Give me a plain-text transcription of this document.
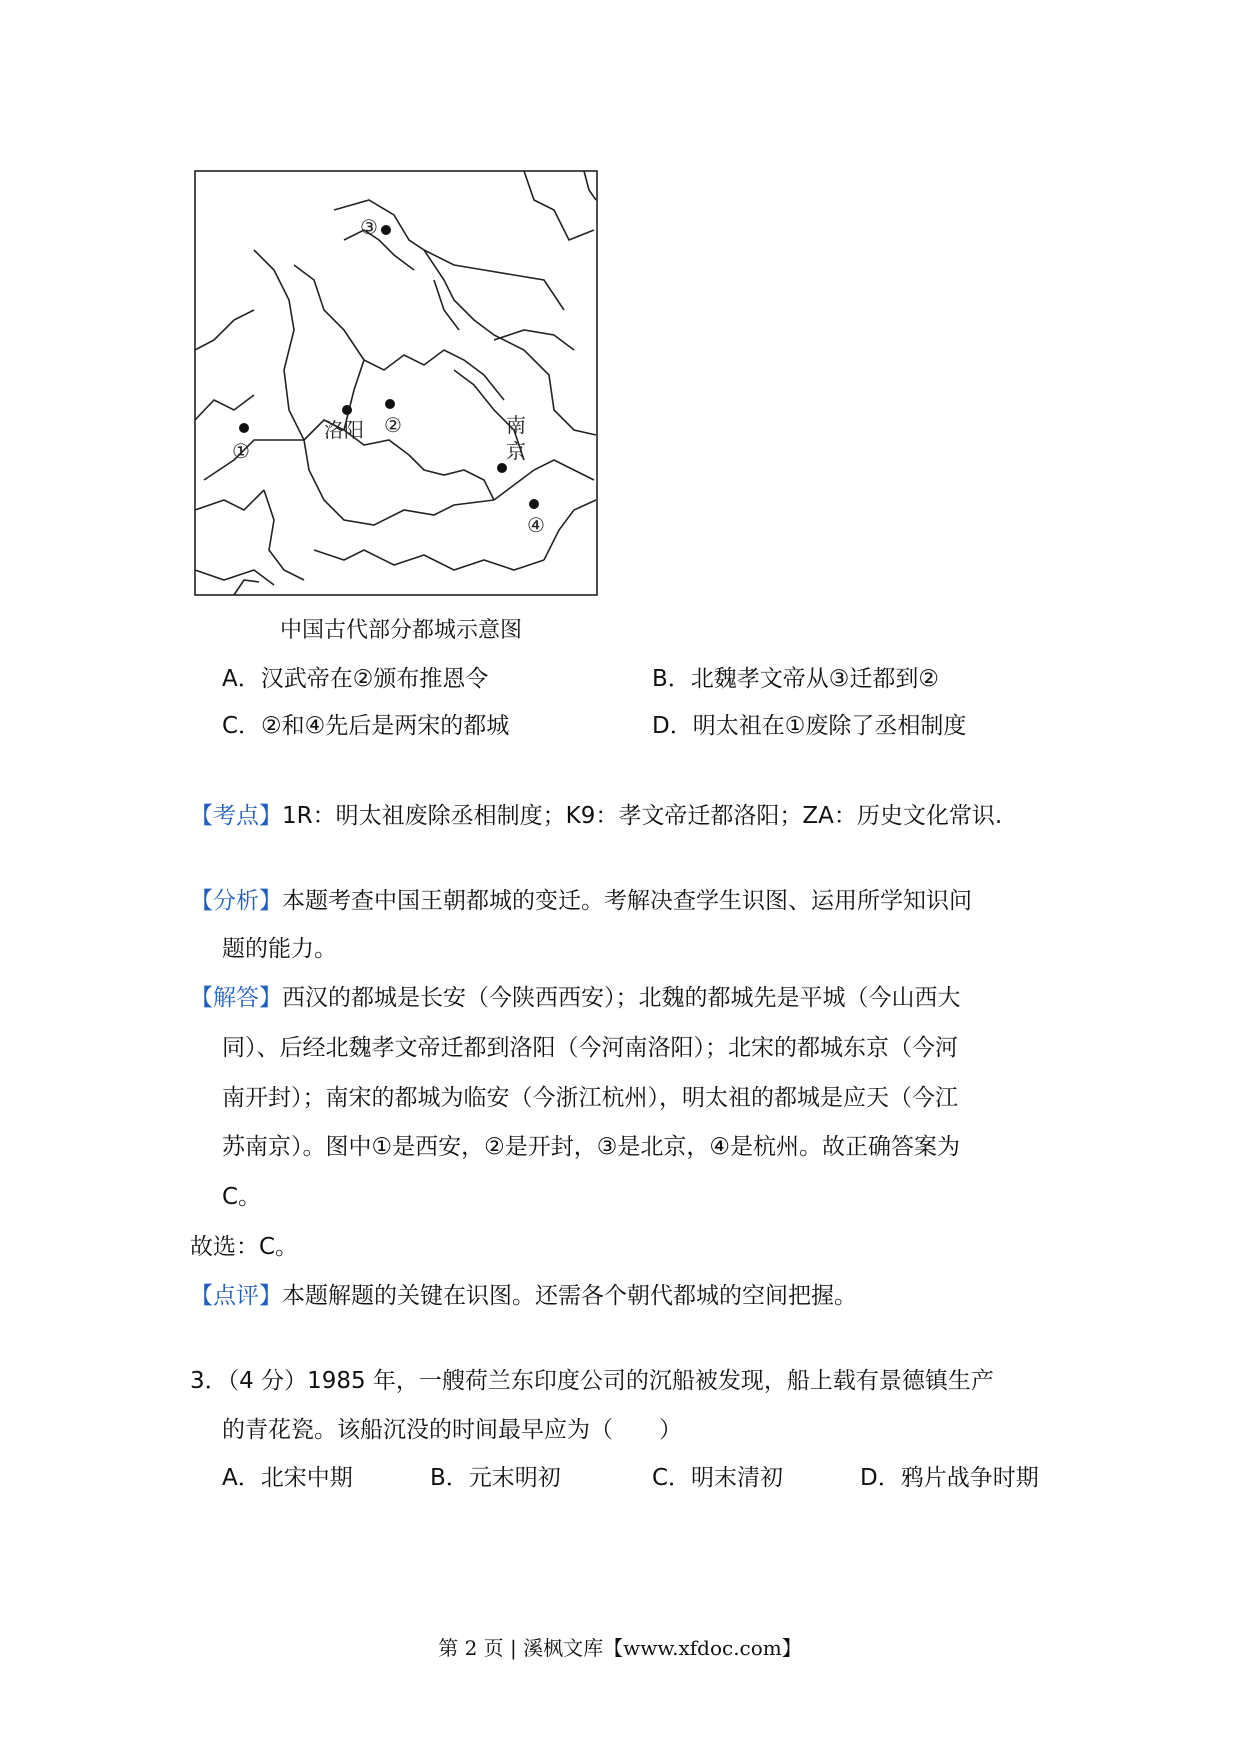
③
①
洛阳 ②	南
京
④
中国古代部分都城示意图
A．汉武帝在②颁布推恩令	B．北魏孝文帝从③迁都到②
C．②和④先后是两宋的都城	D．明太祖在①废除了丞相制度
【考点】1R：明太祖废除丞相制度；K9：孝文帝迁都洛阳；ZA：历史文化常识.
【分析】本题考查中国王朝都城的变迁。考解决查学生识图、运用所学知识问
题的能力。
【解答】西汉的都城是长安（今陕西西安）；北魏的都城先是平城（今山西大
同）、后经北魏孝文帝迁都到洛阳（今河南洛阳）；北宋的都城东京（今河
南开封）；南宋的都城为临安（今浙江杭州），明太祖的都城是应天（今江
苏南京）。图中①是西安，②是开封，③是北京，④是杭州。故正确答案为
C。
故选：C。
【点评】本题解题的关键在识图。还需各个朝代都城的空间把握。
3．（4 分）1985 年，一艘荷兰东印度公司的沉船被发现，船上载有景德镇生产
的青花瓷。该船沉没的时间最早应为（　　）
A．北宋中期	B．元末明初	C．明末清初	D．鸦片战争时期
第 2 页 | 溪枫文库【www.xfdoc.com】
